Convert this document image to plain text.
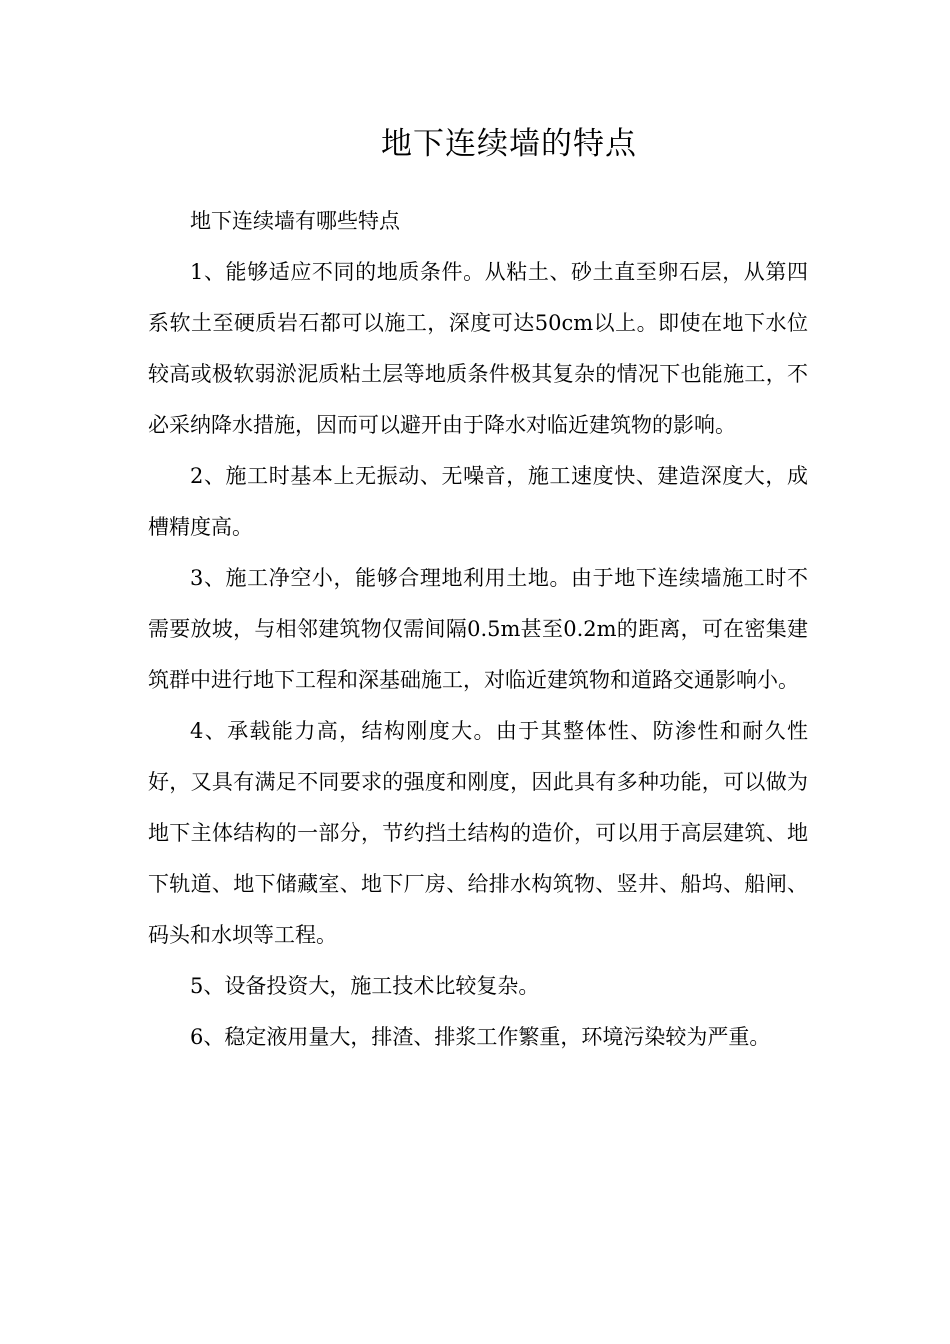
地下连续墙的特点

地下连续墙有哪些特点

1、能够适应不同的地质条件。从粘土、砂土直至卵石层，从第四系软土至硬质岩石都可以施工，深度可达50cm以上。即使在地下水位较高或极软弱淤泥质粘土层等地质条件极其复杂的情况下也能施工，不必采纳降水措施，因而可以避开由于降水对临近建筑物的影响。

2、施工时基本上无振动、无噪音，施工速度快、建造深度大，成槽精度高。

3、施工净空小，能够合理地利用土地。由于地下连续墙施工时不需要放坡，与相邻建筑物仅需间隔0.5m甚至0.2m的距离，可在密集建筑群中进行地下工程和深基础施工，对临近建筑物和道路交通影响小。

4、承载能力高，结构刚度大。由于其整体性、防渗性和耐久性好，又具有满足不同要求的强度和刚度，因此具有多种功能，可以做为地下主体结构的一部分，节约挡土结构的造价，可以用于高层建筑、地下轨道、地下储藏室、地下厂房、给排水构筑物、竖井、船坞、船闸、码头和水坝等工程。

5、设备投资大，施工技术比较复杂。

6、稳定液用量大，排渣、排浆工作繁重，环境污染较为严重。
